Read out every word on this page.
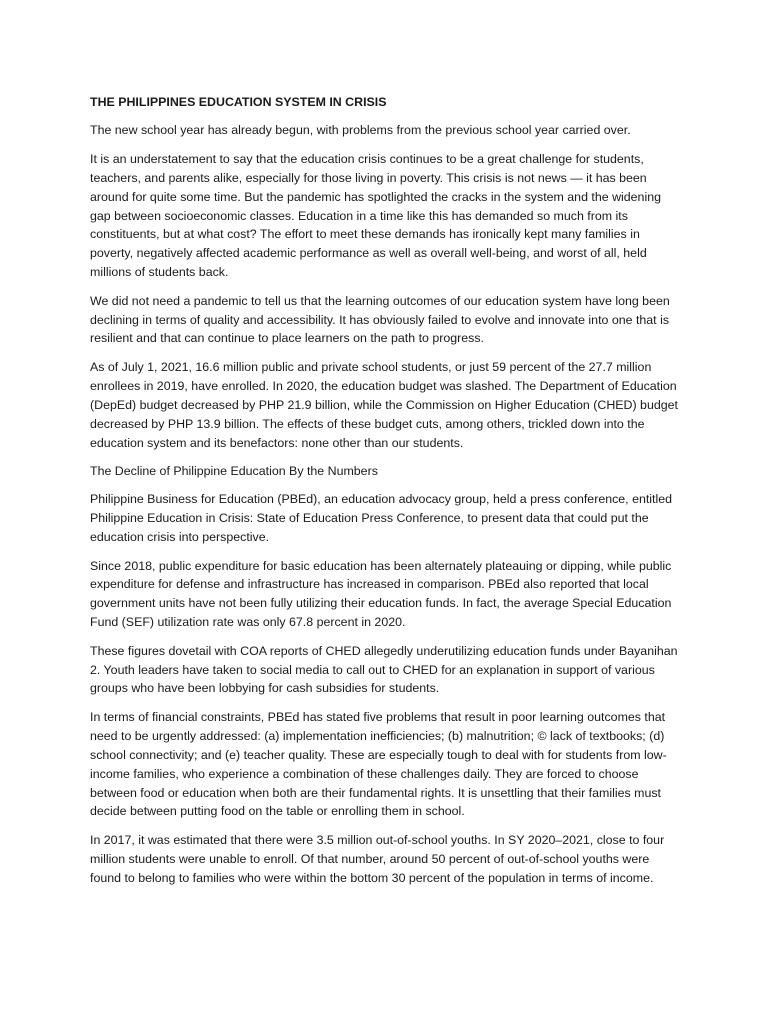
THE PHILIPPINES EDUCATION SYSTEM IN CRISIS
The new school year has already begun, with problems from the previous school year carried over.
It is an understatement to say that the education crisis continues to be a great challenge for students, teachers, and parents alike, especially for those living in poverty. This crisis is not news — it has been around for quite some time. But the pandemic has spotlighted the cracks in the system and the widening gap between socioeconomic classes. Education in a time like this has demanded so much from its constituents, but at what cost? The effort to meet these demands has ironically kept many families in poverty, negatively affected academic performance as well as overall well-being, and worst of all, held millions of students back.
We did not need a pandemic to tell us that the learning outcomes of our education system have long been declining in terms of quality and accessibility. It has obviously failed to evolve and innovate into one that is resilient and that can continue to place learners on the path to progress.
As of July 1, 2021, 16.6 million public and private school students, or just 59 percent of the 27.7 million enrollees in 2019, have enrolled. In 2020, the education budget was slashed. The Department of Education (DepEd) budget decreased by PHP 21.9 billion, while the Commission on Higher Education (CHED) budget decreased by PHP 13.9 billion. The effects of these budget cuts, among others, trickled down into the education system and its benefactors: none other than our students.
The Decline of Philippine Education By the Numbers
Philippine Business for Education (PBEd), an education advocacy group, held a press conference, entitled Philippine Education in Crisis: State of Education Press Conference, to present data that could put the education crisis into perspective.
Since 2018, public expenditure for basic education has been alternately plateauing or dipping, while public expenditure for defense and infrastructure has increased in comparison. PBEd also reported that local government units have not been fully utilizing their education funds. In fact, the average Special Education Fund (SEF) utilization rate was only 67.8 percent in 2020.
These figures dovetail with COA reports of CHED allegedly underutilizing education funds under Bayanihan 2. Youth leaders have taken to social media to call out to CHED for an explanation in support of various groups who have been lobbying for cash subsidies for students.
In terms of financial constraints, PBEd has stated five problems that result in poor learning outcomes that need to be urgently addressed: (a) implementation inefficiencies; (b) malnutrition; © lack of textbooks; (d) school connectivity; and (e) teacher quality. These are especially tough to deal with for students from low-income families, who experience a combination of these challenges daily. They are forced to choose between food or education when both are their fundamental rights. It is unsettling that their families must decide between putting food on the table or enrolling them in school.
In 2017, it was estimated that there were 3.5 million out-of-school youths. In SY 2020–2021, close to four million students were unable to enroll. Of that number, around 50 percent of out-of-school youths were found to belong to families who were within the bottom 30 percent of the population in terms of income.
